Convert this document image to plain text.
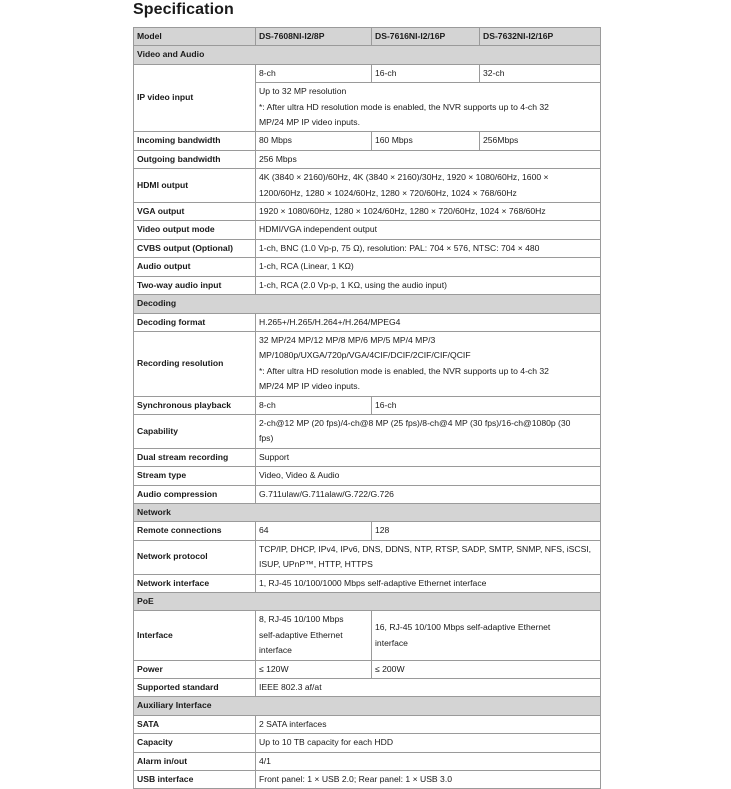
Specification
Model	DS-7608NI-I2/8P	DS-7616NI-I2/16P	DS-7632NI-I2/16P
Video and Audio			
IP video input	8-ch	16-ch	32-ch

	Up to 32 MP resolution
*: After ultra HD resolution mode is enabled, the NVR supports up to 4-ch 32
MP/24 MP IP video inputs.		

Incoming bandwidth	80 Mbps	160 Mbps	256Mbps
Outgoing bandwidth	256 Mbps		
HDMI output	4K (3840 × 2160)/60Hz, 4K (3840 × 2160)/30Hz, 1920 × 1080/60Hz, 1600 ×
1200/60Hz, 1280 × 1024/60Hz, 1280 × 720/60Hz, 1024 × 768/60Hz		

VGA output	1920 × 1080/60Hz, 1280 × 1024/60Hz, 1280 × 720/60Hz, 1024 × 768/60Hz		
Video output mode	HDMI/VGA independent output		
CVBS output (Optional)	1-ch, BNC (1.0 Vp-p, 75 Ω), resolution: PAL: 704 × 576, NTSC: 704 × 480		
Audio output	1-ch, RCA (Linear, 1 KΩ)		
Two-way audio input	1-ch, RCA (2.0 Vp-p, 1 KΩ, using the audio input)		
Decoding			
Decoding format	H.265+/H.265/H.264+/H.264/MPEG4		
Recording resolution	32 MP/24 MP/12 MP/8 MP/6 MP/5 MP/4 MP/3
MP/1080p/UXGA/720p/VGA/4CIF/DCIF/2CIF/CIF/QCIF
*: After ultra HD resolution mode is enabled, the NVR supports up to 4-ch 32
MP/24 MP IP video inputs.		

Synchronous playback	8-ch	16-ch	
Capability	2-ch@12 MP (20 fps)/4-ch@8 MP (25 fps)/8-ch@4 MP (30 fps)/16-ch@1080p (30
fps)		

Dual stream recording	Support		
Stream type	Video, Video & Audio		
Audio compression	G.711ulaw/G.711alaw/G.722/G.726		
Network			
Remote connections	64	128	
Network protocol	TCP/IP, DHCP, IPv4, IPv6, DNS, DDNS, NTP, RTSP, SADP, SMTP, SNMP, NFS, iSCSI,
ISUP, UPnP™, HTTP, HTTPS		

Network interface	1, RJ-45 10/100/1000 Mbps self-adaptive Ethernet interface		
PoE			
Interface	8, RJ-45 10/100 Mbps
self-adaptive Ethernet
interface	16, RJ-45 10/100 Mbps self-adaptive Ethernet
interface	

Power	≤ 120W	≤ 200W	
Supported standard	IEEE 802.3 af/at		
Auxiliary Interface			
SATA	2 SATA interfaces		
Capacity	Up to 10 TB capacity for each HDD		
Alarm in/out	4/1		
USB interface	Front panel: 1 × USB 2.0; Rear panel: 1 × USB 3.0		
